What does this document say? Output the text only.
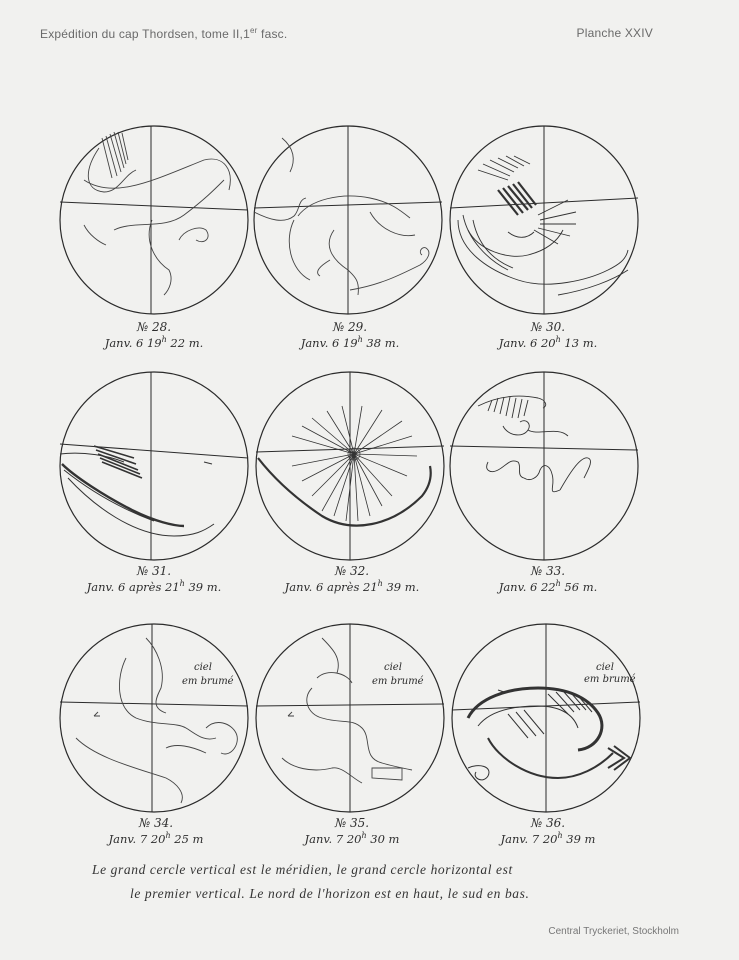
Expédition du cap Thordsen, tome II,1er fasc.	Planche XXIV
№ 28.
Janv. 6 19$^h$ 22 m.
№ 29.
Janv. 6 19$^h$ 38 m.
№ 30.
Janv. 6 20$^h$ 13 m.
№ 31.
Janv. 6 après 21$^h$ 39 m.
№ 32.
Janv. 6 après 21$^h$ 39 m.
№ 33.
Janv. 6 22$^h$ 56 m.
ciel
em brumé
№ 34.
Janv. 7 20$^h$ 25 m
ciel
em brumé
№ 35.
Janv. 7 20$^h$ 30 m
ciel
em brumé
№ 36.
Janv. 7 20$^h$ 39 m
Le grand cercle vertical est le méridien, le grand cercle horizontal est
le premier vertical. Le nord de l'horizon est en haut, le sud en bas.
Central Tryckeriet, Stockholm
